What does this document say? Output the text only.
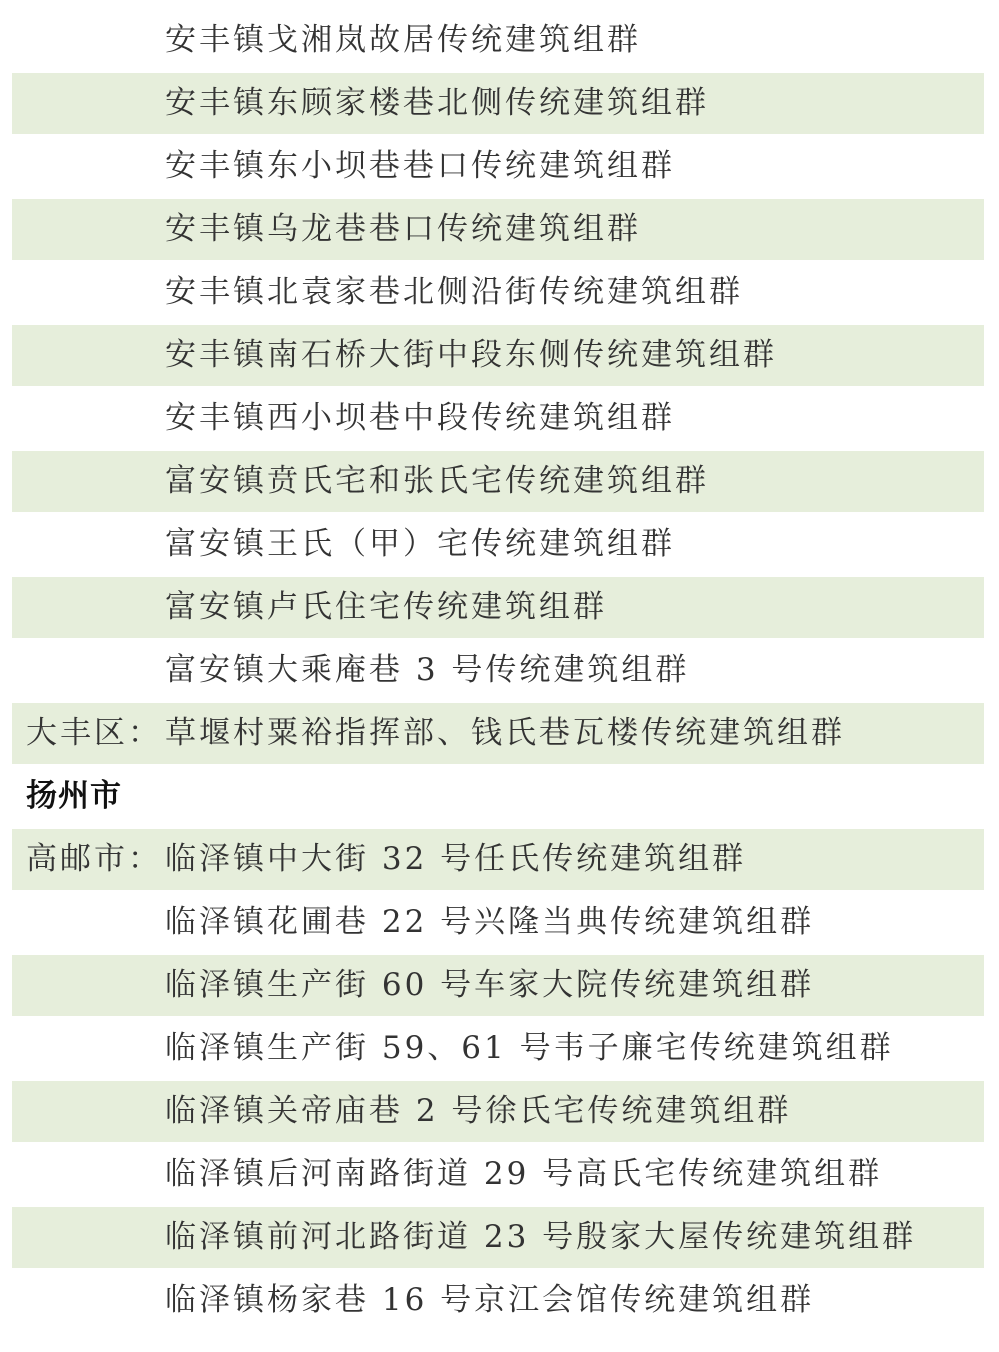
安丰镇戈湘岚故居传统建筑组群
安丰镇东顾家楼巷北侧传统建筑组群
安丰镇东小坝巷巷口传统建筑组群
安丰镇乌龙巷巷口传统建筑组群
安丰镇北袁家巷北侧沿街传统建筑组群
安丰镇南石桥大街中段东侧传统建筑组群
安丰镇西小坝巷中段传统建筑组群
富安镇贲氏宅和张氏宅传统建筑组群
富安镇王氏（甲）宅传统建筑组群
富安镇卢氏住宅传统建筑组群
富安镇大乘庵巷 3 号传统建筑组群
大丰区： 草堰村粟裕指挥部、钱氏巷瓦楼传统建筑组群
扬州市
高邮市： 临泽镇中大街 32 号任氏传统建筑组群
临泽镇花圃巷 22 号兴隆当典传统建筑组群
临泽镇生产街 60 号车家大院传统建筑组群
临泽镇生产街 59、61 号韦子廉宅传统建筑组群
临泽镇关帝庙巷 2 号徐氏宅传统建筑组群
临泽镇后河南路街道 29 号高氏宅传统建筑组群
临泽镇前河北路街道 23 号殷家大屋传统建筑组群
临泽镇杨家巷 16 号京江会馆传统建筑组群
